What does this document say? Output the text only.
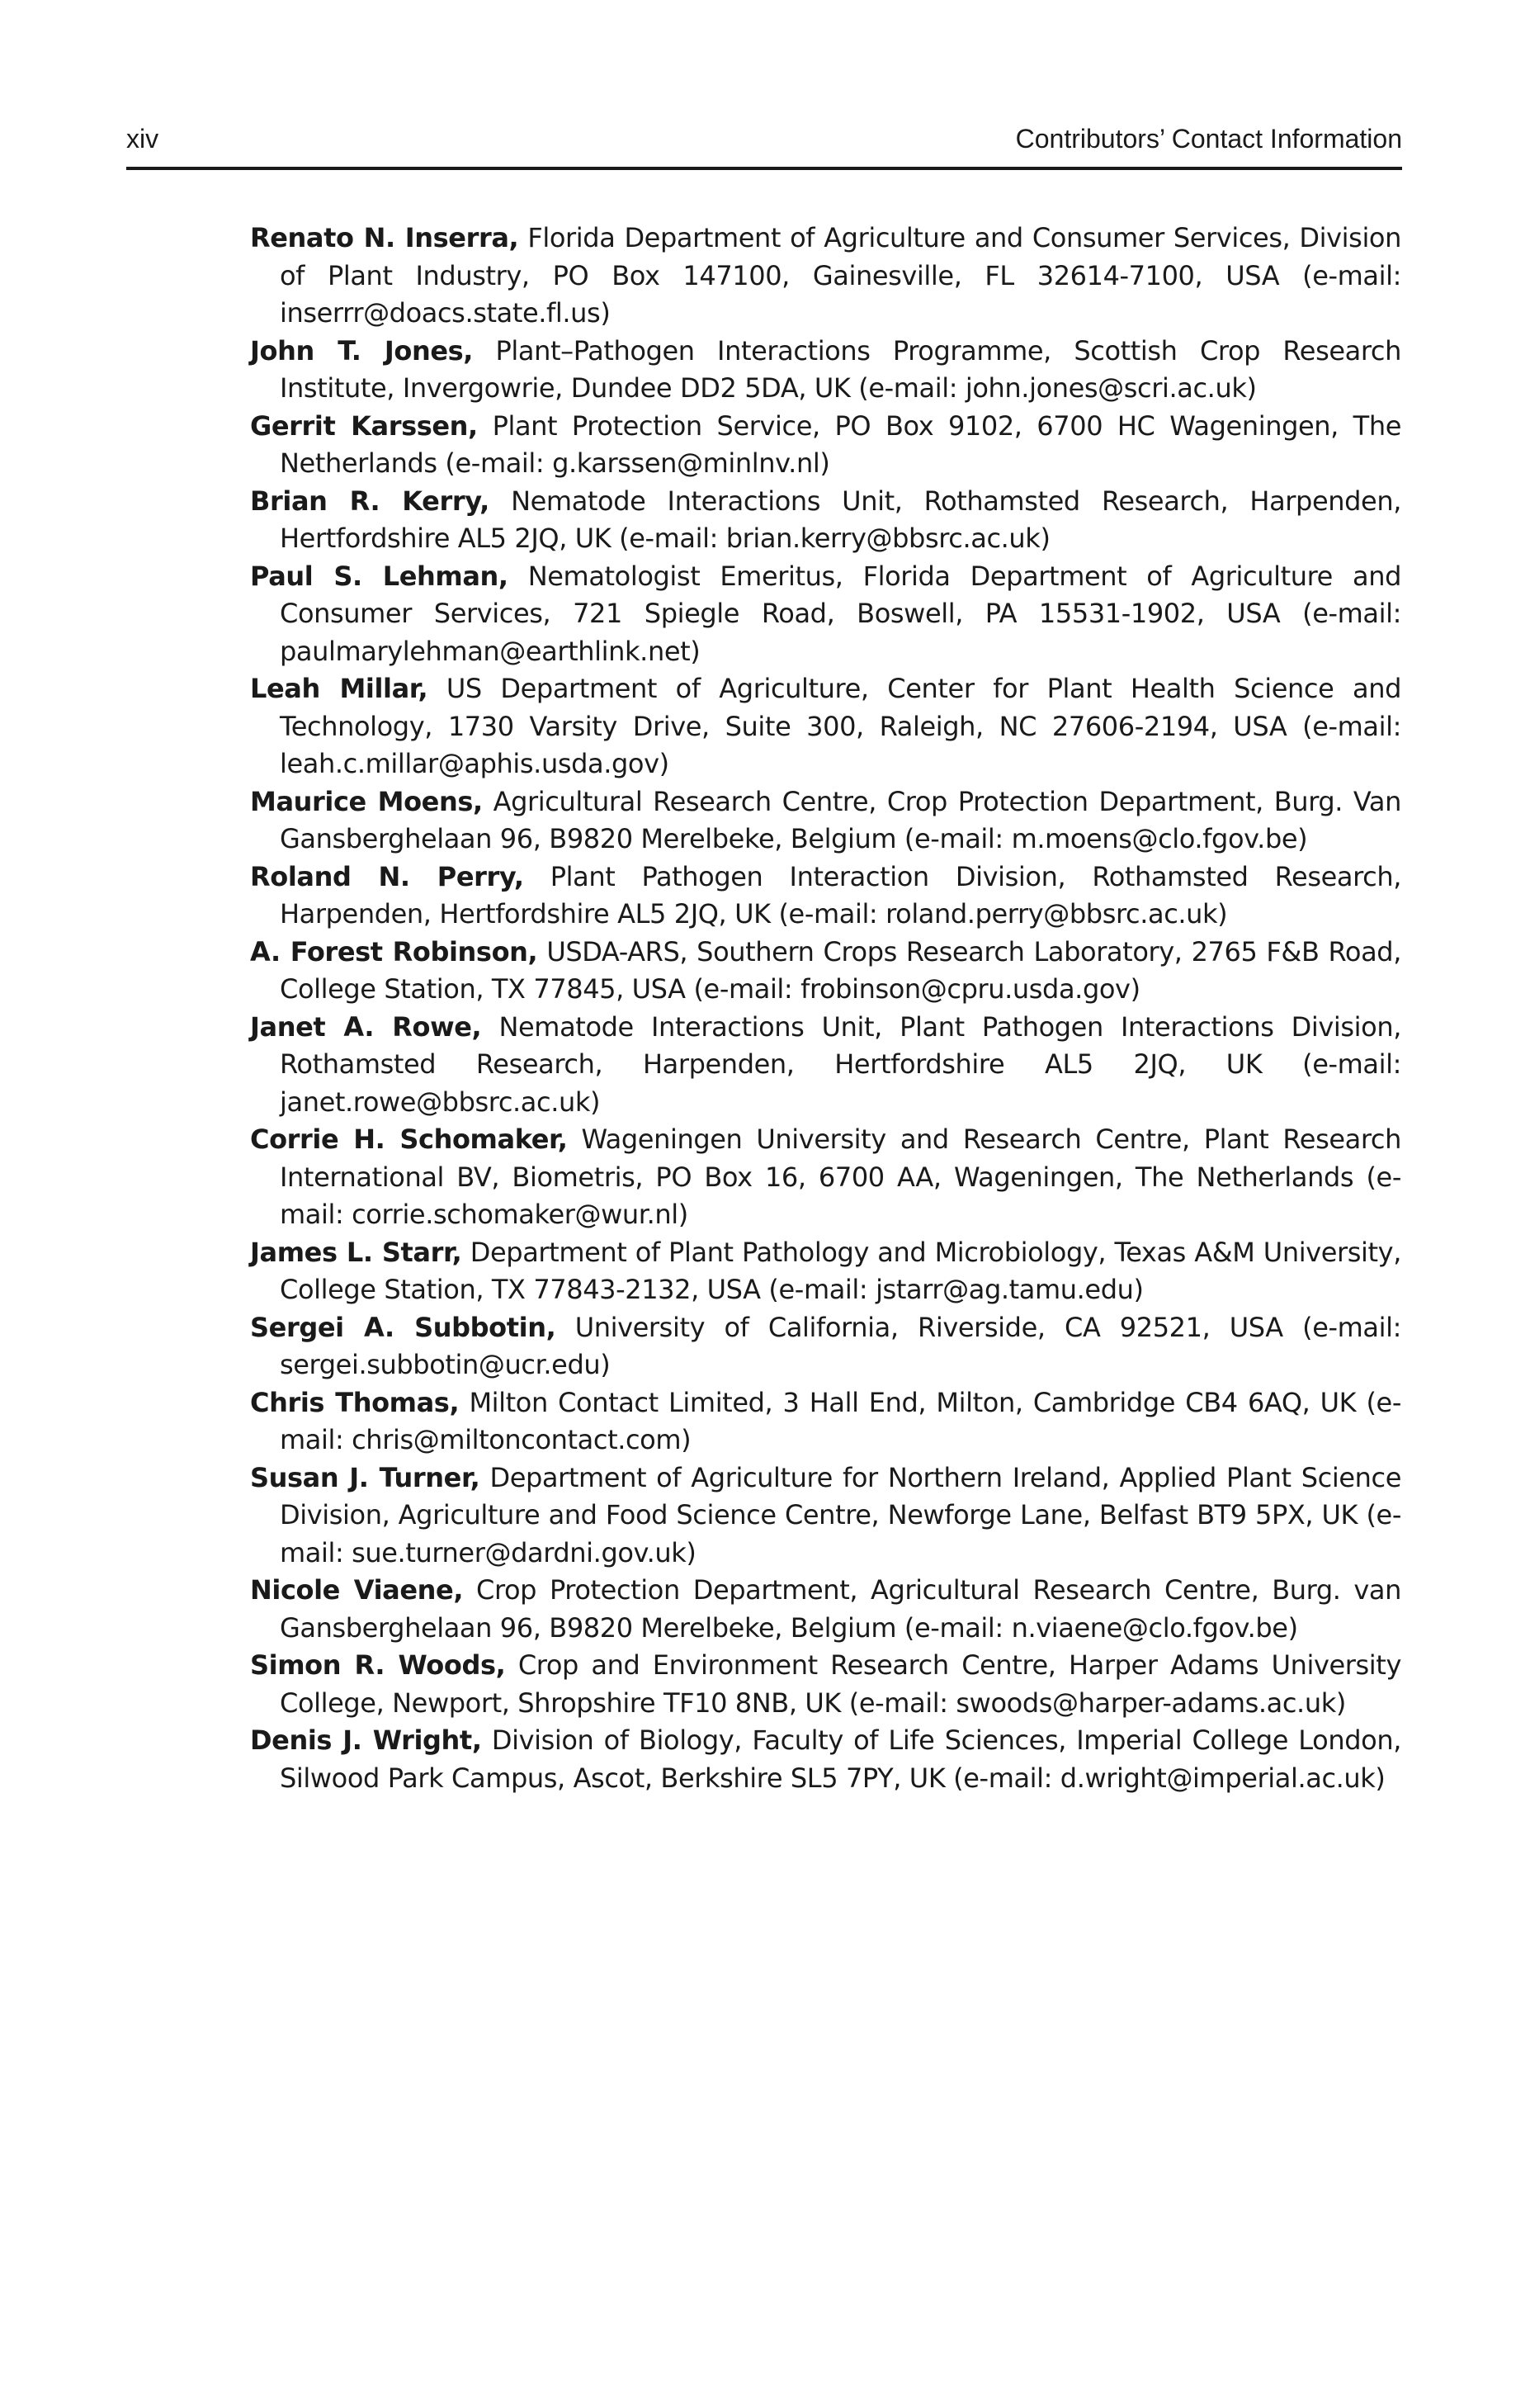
xiv	Contributors’ Contact Information
Renato N. Inserra, Florida Department of Agriculture and Consumer Services, Division of Plant Industry, PO Box 147100, Gainesville, FL 32614-7100, USA (e-mail: inserrr@doacs.state.fl.us)
John T. Jones, Plant–Pathogen Interactions Programme, Scottish Crop Research Institute, Invergowrie, Dundee DD2 5DA, UK (e-mail: john.jones@scri.ac.uk)
Gerrit Karssen, Plant Protection Service, PO Box 9102, 6700 HC Wageningen, The Netherlands (e-mail: g.karssen@minlnv.nl)
Brian R. Kerry, Nematode Interactions Unit, Rothamsted Research, Harpenden, Hertfordshire AL5 2JQ, UK (e-mail: brian.kerry@bbsrc.ac.uk)
Paul S. Lehman, Nematologist Emeritus, Florida Department of Agriculture and Consumer Services, 721 Spiegle Road, Boswell, PA 15531-1902, USA (e-mail: paulmarylehman@earthlink.net)
Leah Millar, US Department of Agriculture, Center for Plant Health Science and Technology, 1730 Varsity Drive, Suite 300, Raleigh, NC 27606-2194, USA (e-mail: leah.c.millar@aphis.usda.gov)
Maurice Moens, Agricultural Research Centre, Crop Protection Department, Burg. Van Gansberghelaan 96, B9820 Merelbeke, Belgium (e-mail: m.moens@clo.fgov.be)
Roland N. Perry, Plant Pathogen Interaction Division, Rothamsted Research, Harpenden, Hertfordshire AL5 2JQ, UK (e-mail: roland.perry@bbsrc.ac.uk)
A. Forest Robinson, USDA-ARS, Southern Crops Research Laboratory, 2765 F&B Road, College Station, TX 77845, USA (e-mail: frobinson@cpru.usda.gov)
Janet A. Rowe, Nematode Interactions Unit, Plant Pathogen Interactions Division, Rothamsted Research, Harpenden, Hertfordshire AL5 2JQ, UK (e-mail: janet.rowe@bbsrc.ac.uk)
Corrie H. Schomaker, Wageningen University and Research Centre, Plant Research International BV, Biometris, PO Box 16, 6700 AA, Wageningen, The Netherlands (e-mail: corrie.schomaker@wur.nl)
James L. Starr, Department of Plant Pathology and Microbiology, Texas A&M University, College Station, TX 77843-2132, USA (e-mail: jstarr@ag.tamu.edu)
Sergei A. Subbotin, University of California, Riverside, CA 92521, USA (e-mail: sergei.subbotin@ucr.edu)
Chris Thomas, Milton Contact Limited, 3 Hall End, Milton, Cambridge CB4 6AQ, UK (e-mail: chris@miltoncontact.com)
Susan J. Turner, Department of Agriculture for Northern Ireland, Applied Plant Science Division, Agriculture and Food Science Centre, Newforge Lane, Belfast BT9 5PX, UK (e-mail: sue.turner@dardni.gov.uk)
Nicole Viaene, Crop Protection Department, Agricultural Research Centre, Burg. van Gansberghelaan 96, B9820 Merelbeke, Belgium (e-mail: n.viaene@clo.fgov.be)
Simon R. Woods, Crop and Environment Research Centre, Harper Adams University College, Newport, Shropshire TF10 8NB, UK (e-mail: swoods@harper-adams.ac.uk)
Denis J. Wright, Division of Biology, Faculty of Life Sciences, Imperial College London, Silwood Park Campus, Ascot, Berkshire SL5 7PY, UK (e-mail: d.wright@imperial.ac.uk)
